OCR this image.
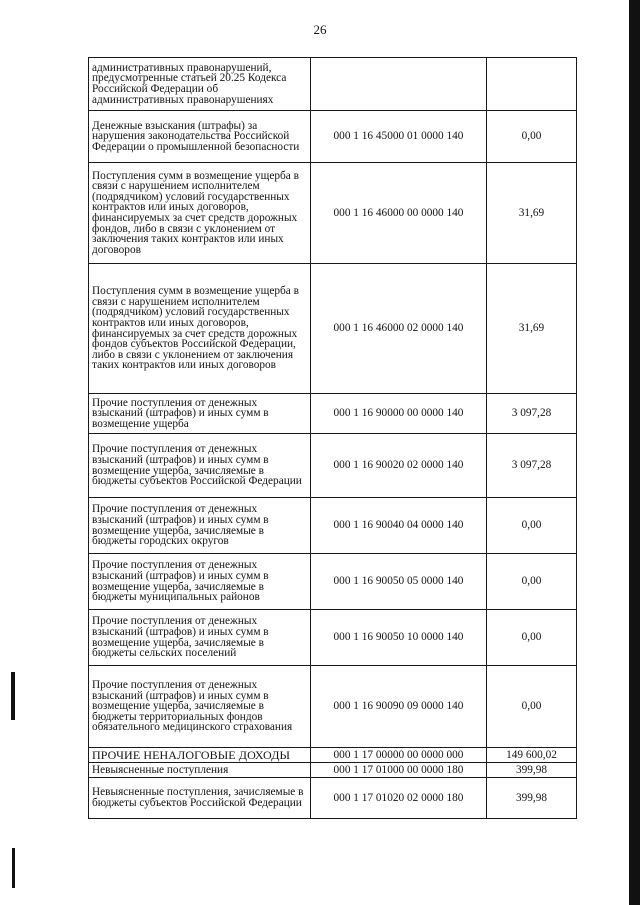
26
административных правонарушений, предусмотренные статьей 20.25 Кодекса Российской Федерации об административных правонарушениях		
Денежные взыскания (штрафы) за нарушения законодательства Российской Федерации о промышленной безопасности	000 1 16 45000 01 0000 140	0,00
Поступления сумм в возмещение ущерба в связи с нарушением исполнителем (подрядчиком) условий государственных контрактов или иных договоров, финансируемых за счет средств дорожных фондов, либо в связи с уклонением от заключения таких контрактов или иных договоров	000 1 16 46000 00 0000 140	31,69
Поступления сумм в возмещение ущерба в связи с нарушением исполнителем (подрядчиком) условий государственных контрактов или иных договоров, финансируемых за счет средств дорожных фондов субъектов Российской Федерации, либо в связи с уклонением от заключения таких контрактов или иных договоров	000 1 16 46000 02 0000 140	31,69
Прочие поступления от денежных взысканий (штрафов) и иных сумм в возмещение ущерба	000 1 16 90000 00 0000 140	3 097,28
Прочие поступления от денежных взысканий (штрафов) и иных сумм в возмещение ущерба, зачисляемые в бюджеты субъектов Российской Федерации	000 1 16 90020 02 0000 140	3 097,28
Прочие поступления от денежных взысканий (штрафов) и иных сумм в возмещение ущерба, зачисляемые в бюджеты городских округов	000 1 16 90040 04 0000 140	0,00
Прочие поступления от денежных взысканий (штрафов) и иных сумм в возмещение ущерба, зачисляемые в бюджеты муниципальных районов	000 1 16 90050 05 0000 140	0,00
Прочие поступления от денежных взысканий (штрафов) и иных сумм в возмещение ущерба, зачисляемые в бюджеты сельских поселений	000 1 16 90050 10 0000 140	0,00
Прочие поступления от денежных взысканий (штрафов) и иных сумм в возмещение ущерба, зачисляемые в бюджеты территориальных фондов обязательного медицинского страхования	000 1 16 90090 09 0000 140	0,00
ПРОЧИЕ НЕНАЛОГОВЫЕ ДОХОДЫ	000 1 17 00000 00 0000 000	149 600,02
Невыясненные поступления	000 1 17 01000 00 0000 180	399,98
Невыясненные поступления, зачисляемые в бюджеты субъектов Российской Федерации	000 1 17 01020 02 0000 180	399,98
